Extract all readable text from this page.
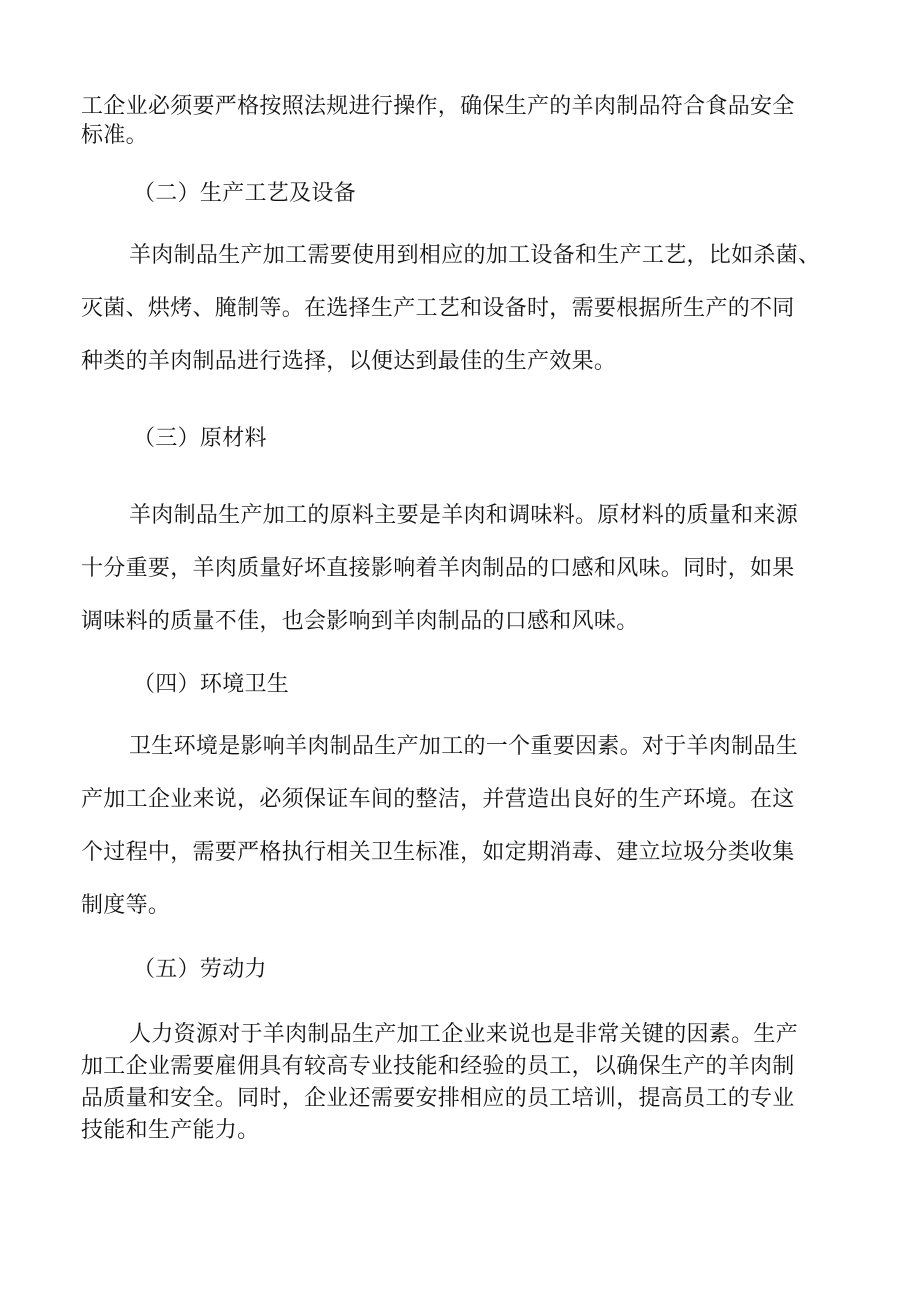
工企业必须要严格按照法规进行操作，确保生产的羊肉制品符合食品安全
标准。
（二）生产工艺及设备
羊肉制品生产加工需要使用到相应的加工设备和生产工艺，比如杀菌、
灭菌、烘烤、腌制等。在选择生产工艺和设备时，需要根据所生产的不同
种类的羊肉制品进行选择，以便达到最佳的生产效果。
（三）原材料
羊肉制品生产加工的原料主要是羊肉和调味料。原材料的质量和来源
十分重要，羊肉质量好坏直接影响着羊肉制品的口感和风味。同时，如果
调味料的质量不佳，也会影响到羊肉制品的口感和风味。
（四）环境卫生
卫生环境是影响羊肉制品生产加工的一个重要因素。对于羊肉制品生
产加工企业来说，必须保证车间的整洁，并营造出良好的生产环境。在这
个过程中，需要严格执行相关卫生标准，如定期消毒、建立垃圾分类收集
制度等。
（五）劳动力
人力资源对于羊肉制品生产加工企业来说也是非常关键的因素。生产
加工企业需要雇佣具有较高专业技能和经验的员工，以确保生产的羊肉制
品质量和安全。同时，企业还需要安排相应的员工培训，提高员工的专业
技能和生产能力。
